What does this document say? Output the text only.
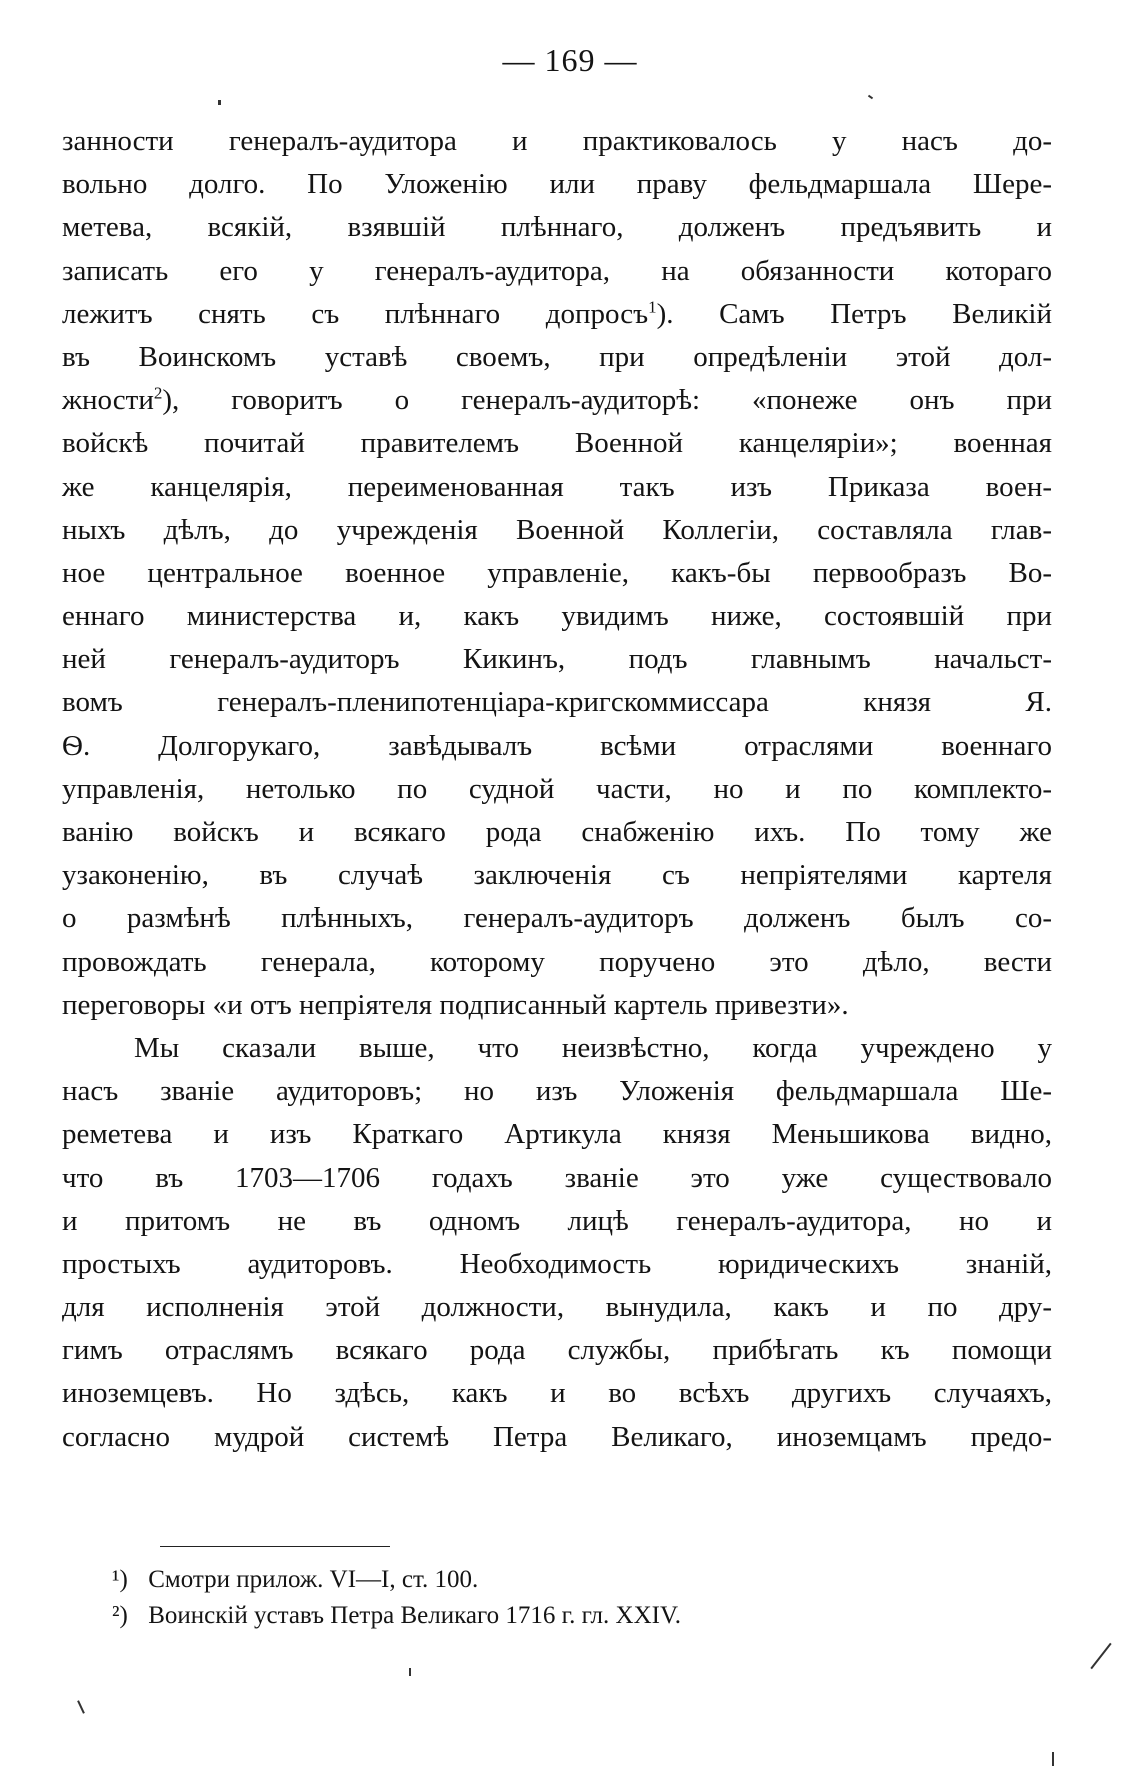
— 169 —
занности генералъ-аудитора и практиковалось у насъ до-
вольно долго. По Уложенію или праву фельдмаршала Шере-
метева, всякій, взявшій плѣннаго, долженъ предъявить и
записать его у генералъ-аудитора, на обязанности котораго
лежитъ снять съ плѣннаго допросъ$^1$). Самъ Петръ Великій
въ Воинскомъ уставѣ своемъ, при опредѣленіи этой дол-
жности$^2$), говоритъ о генералъ-аудиторѣ: «понеже онъ при
войскѣ почитай правителемъ Военной канцеляріи»; военная
же канцелярія, переименованная такъ изъ Приказа воен-
ныхъ дѣлъ, до учрежденія Военной Коллегіи, составляла глав-
ное центральное военное управленіе, какъ-бы первообразъ Во-
еннаго министерства и, какъ увидимъ ниже, состоявшій при
ней генералъ-аудиторъ Кикинъ, подъ главнымъ начальст-
вомъ генералъ-пленипотенціара-кригскоммиссара князя Я.
Ѳ. Долгорукаго, завѣдывалъ всѣми отраслями военнаго
управленія, нетолько по судной части, но и по комплекто-
ванію войскъ и всякаго рода снабженію ихъ. По тому же
узаконенію, въ случаѣ заключенія съ непріятелями картеля
о размѣнѣ плѣнныхъ, генералъ-аудиторъ долженъ былъ со-
провождать генерала, которому поручено это дѣло, вести
переговоры «и отъ непріятеля подписанный картель привезти».
Мы сказали выше, что неизвѣстно, когда учреждено у
насъ званіе аудиторовъ; но изъ Уложенія фельдмаршала Ше-
реметева и изъ Краткаго Артикула князя Меньшикова видно,
что въ 1703—1706 годахъ званіе это уже существовало
и притомъ не въ одномъ лицѣ генералъ-аудитора, но и
простыхъ аудиторовъ. Необходимость юридическихъ знаній,
для исполненія этой должности, вынудила, какъ и по дру-
гимъ отраслямъ всякаго рода службы, прибѣгать къ помощи
иноземцевъ. Но здѣсь, какъ и во всѣхъ другихъ случаяхъ,
согласно мудрой системѣ Петра Великаго, иноземцамъ предо-
¹) Смотри прилож. VI—I, ст. 100.
²) Воинскій уставъ Петра Великаго 1716 г. гл. XXIV.
